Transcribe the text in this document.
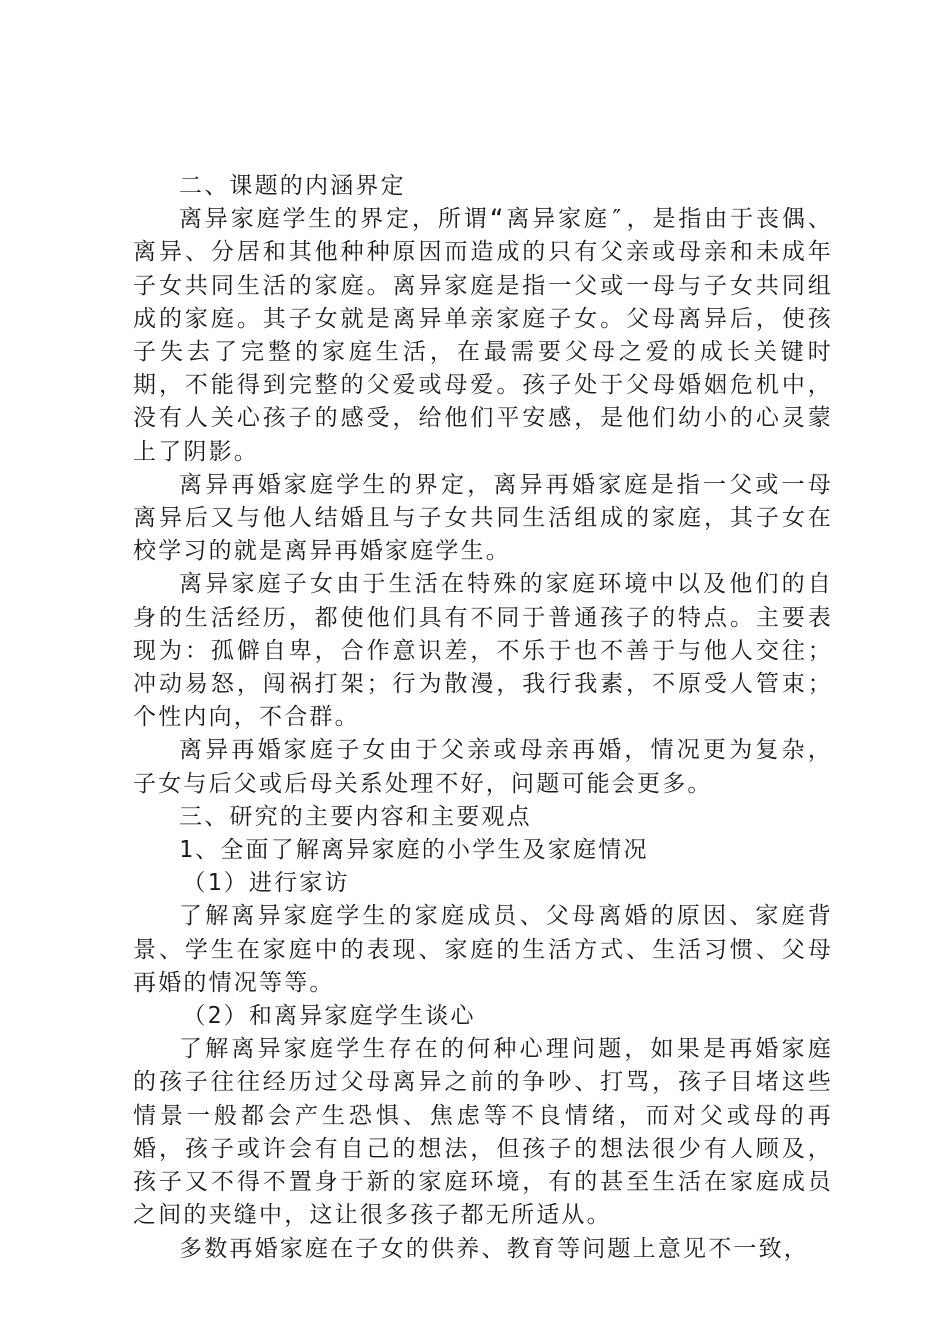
二、课题的内涵界定

离异家庭学生的界定，所谓“离异家庭″，是指由于丧偶、离异、分居和其他种种原因而造成的只有父亲或母亲和未成年子女共同生活的家庭。离异家庭是指一父或一母与子女共同组成的家庭。其子女就是离异单亲家庭子女。父母离异后，使孩子失去了完整的家庭生活，在最需要父母之爱的成长关键时期，不能得到完整的父爱或母爱。孩子处于父母婚姻危机中，没有人关心孩子的感受，给他们平安感，是他们幼小的心灵蒙上了阴影。

离异再婚家庭学生的界定，离异再婚家庭是指一父或一母离异后又与他人结婚且与子女共同生活组成的家庭，其子女在校学习的就是离异再婚家庭学生。

离异家庭子女由于生活在特殊的家庭环境中以及他们的自身的生活经历，都使他们具有不同于普通孩子的特点。主要表现为：孤僻自卑，合作意识差，不乐于也不善于与他人交往；冲动易怒，闯祸打架；行为散漫，我行我素，不原受人管束；个性内向，不合群。

离异再婚家庭子女由于父亲或母亲再婚，情况更为复杂，子女与后父或后母关系处理不好，问题可能会更多。

三、研究的主要内容和主要观点

1、全面了解离异家庭的小学生及家庭情况

（1）进行家访

了解离异家庭学生的家庭成员、父母离婚的原因、家庭背景、学生在家庭中的表现、家庭的生活方式、生活习惯、父母再婚的情况等等。

（2）和离异家庭学生谈心

了解离异家庭学生存在的何种心理问题，如果是再婚家庭的孩子往往经历过父母离异之前的争吵、打骂，孩子目堵这些情景一般都会产生恐惧、焦虑等不良情绪，而对父或母的再婚，孩子或许会有自己的想法，但孩子的想法很少有人顾及，孩子又不得不置身于新的家庭环境，有的甚至生活在家庭成员之间的夹缝中，这让很多孩子都无所适从。

多数再婚家庭在子女的供养、教育等问题上意见不一致，
